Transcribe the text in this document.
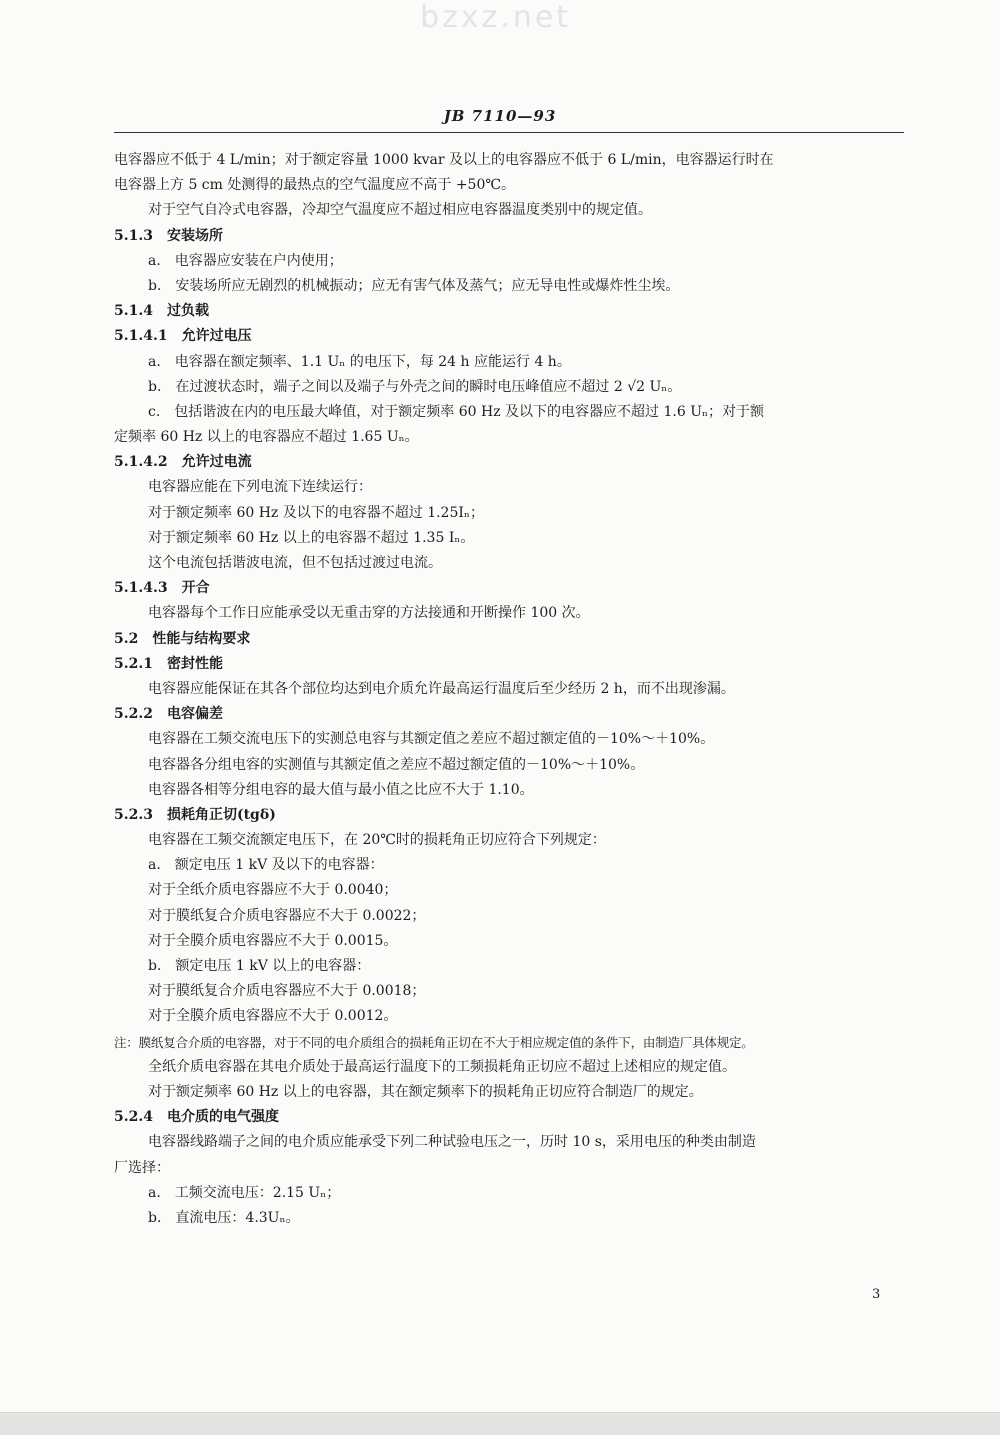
bzxz.net
JB 7110—93
电容器应不低于 4 L/min；对于额定容量 1000 kvar 及以上的电容器应不低于 6 L/min，电容器运行时在
电容器上方 5 cm 处测得的最热点的空气温度应不高于 +50℃。
对于空气自冷式电容器，冷却空气温度应不超过相应电容器温度类别中的规定值。
5.1.3　安装场所
a.　电容器应安装在户内使用；
b.　安装场所应无剧烈的机械振动；应无有害气体及蒸气；应无导电性或爆炸性尘埃。
5.1.4　过负载
5.1.4.1　允许过电压
a.　电容器在额定频率、1.1 Uₙ 的电压下，每 24 h 应能运行 4 h。
b.　在过渡状态时，端子之间以及端子与外壳之间的瞬时电压峰值应不超过 2 √2 Uₙ。
c.　包括谐波在内的电压最大峰值，对于额定频率 60 Hz 及以下的电容器应不超过 1.6 Uₙ；对于额
定频率 60 Hz 以上的电容器应不超过 1.65 Uₙ。
5.1.4.2　允许过电流
电容器应能在下列电流下连续运行：
对于额定频率 60 Hz 及以下的电容器不超过 1.25Iₙ；
对于额定频率 60 Hz 以上的电容器不超过 1.35 Iₙ。
这个电流包括谐波电流，但不包括过渡过电流。
5.1.4.3　开合
电容器每个工作日应能承受以无重击穿的方法接通和开断操作 100 次。
5.2　性能与结构要求
5.2.1　密封性能
电容器应能保证在其各个部位均达到电介质允许最高运行温度后至少经历 2 h，而不出现渗漏。
5.2.2　电容偏差
电容器在工频交流电压下的实测总电容与其额定值之差应不超过额定值的－10%～＋10%。
电容器各分组电容的实测值与其额定值之差应不超过额定值的－10%～＋10%。
电容器各相等分组电容的最大值与最小值之比应不大于 1.10。
5.2.3　损耗角正切(tgδ)
电容器在工频交流额定电压下，在 20℃时的损耗角正切应符合下列规定：
a.　额定电压 1 kV 及以下的电容器：
对于全纸介质电容器应不大于 0.0040；
对于膜纸复合介质电容器应不大于 0.0022；
对于全膜介质电容器应不大于 0.0015。
b.　额定电压 1 kV 以上的电容器：
对于膜纸复合介质电容器应不大于 0.0018；
对于全膜介质电容器应不大于 0.0012。
注：膜纸复合介质的电容器，对于不同的电介质组合的损耗角正切在不大于相应规定值的条件下，由制造厂具体规定。
全纸介质电容器在其电介质处于最高运行温度下的工频损耗角正切应不超过上述相应的规定值。
对于额定频率 60 Hz 以上的电容器，其在额定频率下的损耗角正切应符合制造厂的规定。
5.2.4　电介质的电气强度
电容器线路端子之间的电介质应能承受下列二种试验电压之一，历时 10 s，采用电压的种类由制造
厂选择：
a.　工频交流电压：2.15 Uₙ；
b.　直流电压：4.3Uₙ。
3
